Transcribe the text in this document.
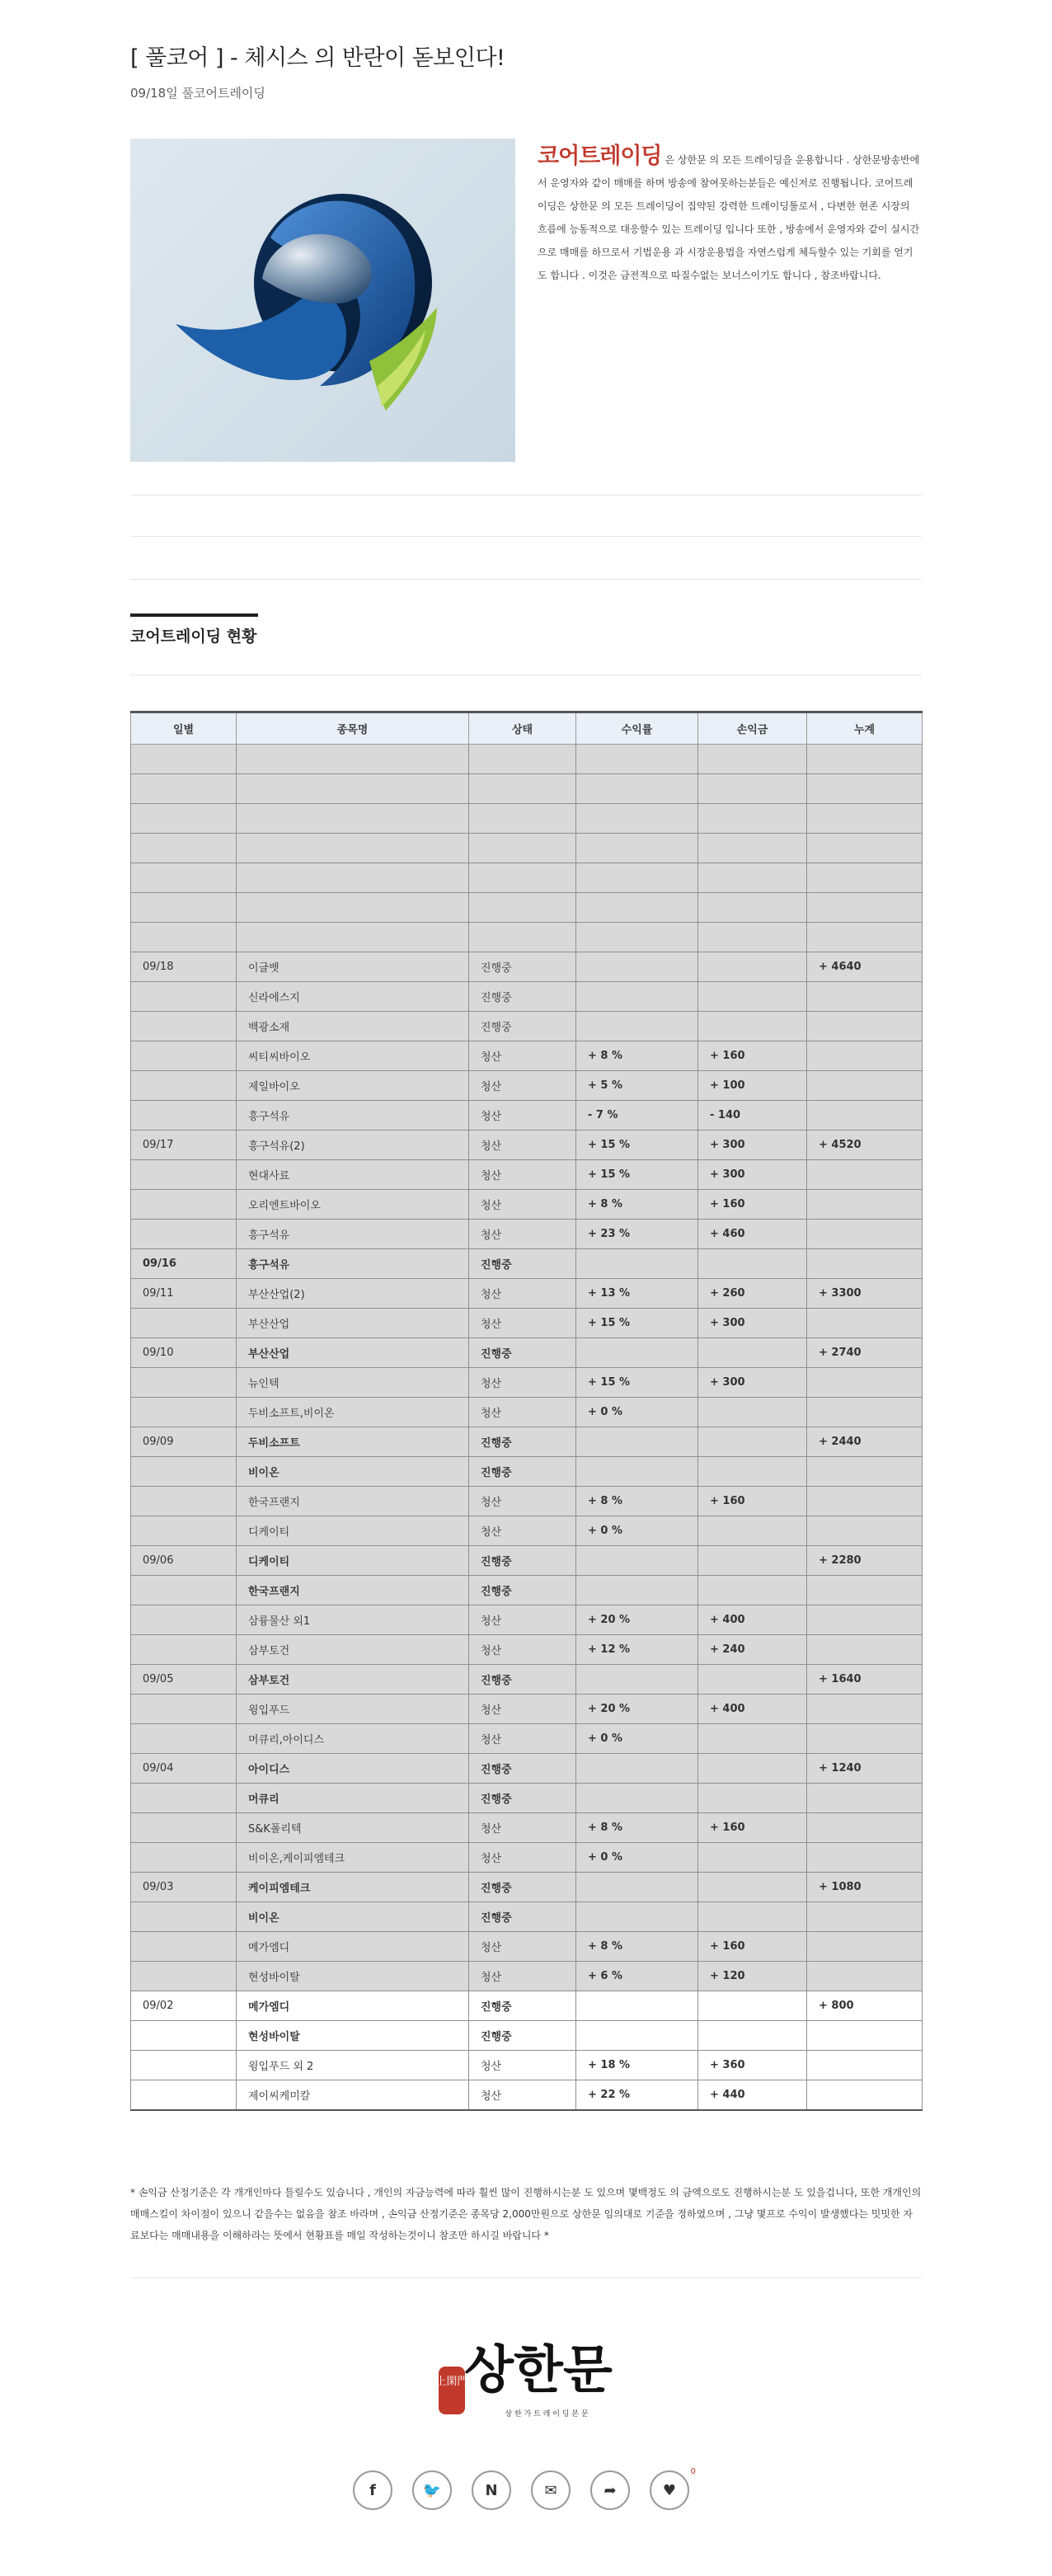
[ 풀코어 ] - 체시스 의 반란이 돋보인다!
09/18일 풀코어트레이딩
코어트레이딩 은 상한문 의 모든 트레이딩을 운용합니다 . 상한문방송반에서 운영자와 같이 매매를 하며 방송에 참여못하는분들은 예신저로 진행됩니다. 코어트레이딩은 상한문 의 모든 트레이딩이 집약된 강력한 트레이딩툴로서 , 다변한 현존 시장의 흐름에 능동적으로 대응할수 있는 트레이딩 입니다 또한 , 방송에서 운영자와 같이 실시간으로 매매를 하므로서 기법운용 과 시장운용법을 자연스럽게 체득할수 있는 기회를 얻기도 합니다 . 이것은 금전적으로 따질수없는 보너스이기도 합니다 , 참조바랍니다.
코어트레이딩 현황
일별	종목명	상태	수익률	손익금	누계

09/18	이글벳	진행중			+ 4640
	신라에스지	진행중			
	백광소재	진행중			
	씨티씨바이오	청산	+ 8 %	+ 160	
	제일바이오	청산	+ 5 %	+ 100	
	흥구석유	청산	- 7 %	- 140	
09/17	흥구석유(2)	청산	+ 15 %	+ 300	+ 4520
	현대사료	청산	+ 15 %	+ 300	
	오리엔트바이오	청산	+ 8 %	+ 160	
	흥구석유	청산	+ 23 %	+ 460	
09/16	흥구석유	진행중			
09/11	부산산업(2)	청산	+ 13 %	+ 260	+ 3300
	부산산업	청산	+ 15 %	+ 300	
09/10	부산산업	진행중			+ 2740
	뉴인텍	청산	+ 15 %	+ 300	
	두비소프트,비이온	청산	+ 0 %		
09/09	두비소프트	진행중			+ 2440
	비이온	진행중			
	한국프랜지	청산	+ 8 %	+ 160	
	디케이티	청산	+ 0 %		
09/06	디케이티	진행중			+ 2280
	한국프랜지	진행중			
	삼륭물산 외1	청산	+ 20 %	+ 400	
	삼부토건	청산	+ 12 %	+ 240	
09/05	삼부토건	진행중			+ 1640
	윙입푸드	청산	+ 20 %	+ 400	
	머큐리,아이디스	청산	+ 0 %		
09/04	아이디스	진행중			+ 1240
	머큐리	진행중			
	S&K폴리텍	청산	+ 8 %	+ 160	
	비이온,케이피엠테크	청산	+ 0 %		
09/03	케이피엠테크	진행중			+ 1080
	비이온	진행중			
	메가엠디	청산	+ 8 %	+ 160	
	현성바이탈	청산	+ 6 %	+ 120	
09/02	메가엠디	진행중			+ 800
	현성바이탈	진행중			
	윙입푸드 외 2	청산	+ 18 %	+ 360	
	제이씨케미칼	청산	+ 22 %	+ 440	
* 손익금 산정기준은 각 개개인마다 틀릴수도 있습니다 , 개인의 자금능력에 따라 훨씬 많이 진행하시는분 도 있으며 몇백정도 의 금액으로도 진행하시는분 도 있을겁니다, 또한 개개인의 매매스킬이 차이점이 있으니 같을수는 없음을 참조 바라며 , 손익금 산정기준은 종목당 2,000만원으로 상한문 임의대로 기준을 정하였으며 , 그냥 몇프로 수익이 발생했다는 밋밋한 자료보다는 매매내용을 이해하라는 뜻에서 현황표를 매일 작성하는것이니 참조만 하시길 바랍니다 *
上閑門
상한문
상 한 가 트 레 이 딩 본 문
f	🐦	N	✉	➦	♥
0
